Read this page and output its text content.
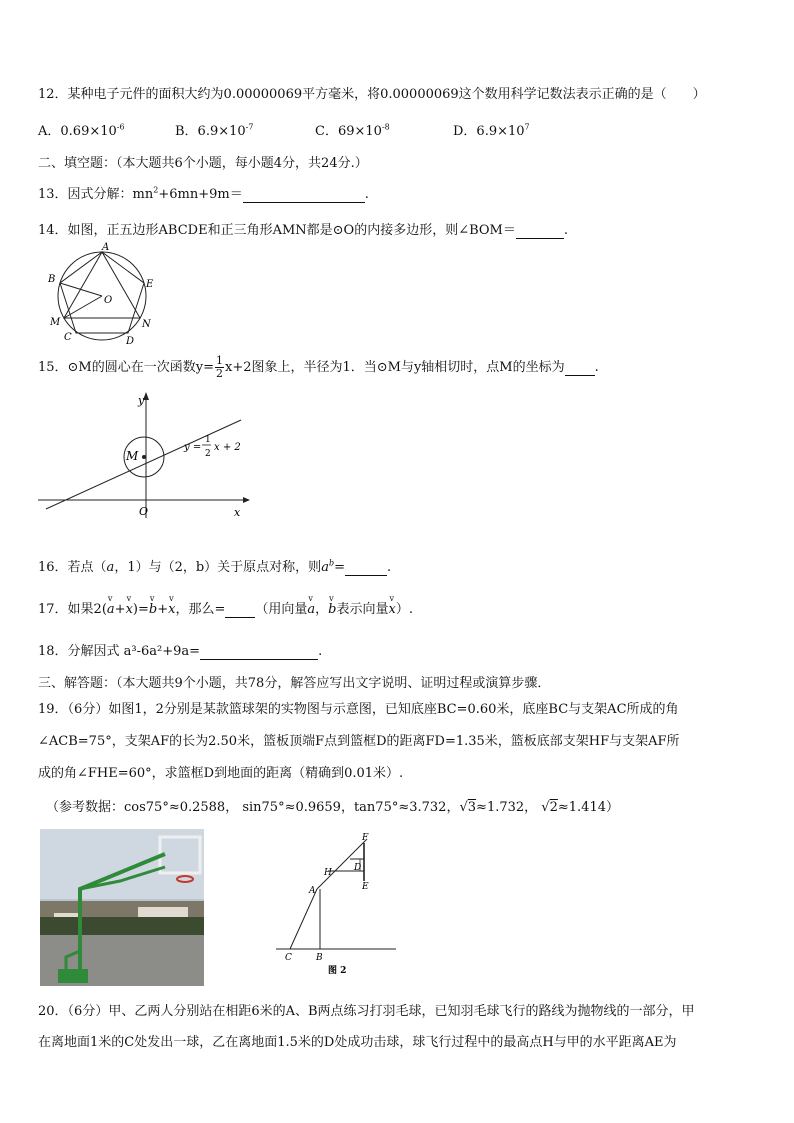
12．某种电子元件的面积大约为0.00000069平方毫米，将0.00000069这个数用科学记数法表示正确的是（　　）
A．$0.69\times 10^{-6}$	B．$6.9\times 10^{-7}$	C．$69\times 10^{-8}$	D．$6.9\times 10^7$
二、填空题：（本大题共6个小题，每小题4分，共24分.）
13．因式分解：$mn^2+6mn+9m=$	.
14．如图，正五边形ABCDE和正三角形AMN都是⊙O的内接多边形，则∠BOM＝	.
A
B	E
O
M	N
C	D
15．⊙M的圆心在一次函数$y= \frac{1}{2} x+2$图象上，半径为1．当⊙M与y轴相切时，点M的坐标为 .
y
x
O
M
y =
1
2
x + 2
16．若点（a，1）与（2，b）关于原点对称，则$a^b=$	.
17．如果2(
v
a+
v
x)=
v
b+
v
x，那么= （用向量
v
a，
v
b表示向量
v
x）.
18．分解因式 a³-6a²+9a=	.
三、解答题：（本大题共9个小题，共78分，解答应写出文字说明、证明过程或演算步骤．
19．（6分）如图1，2分别是某款篮球架的实物图与示意图，已知底座BC=0.60米，底座BC与支架AC所成的角
∠ACB=75°，支架AF的长为2.50米，篮板顶端F点到篮框D的距离FD=1.35米，篮板底部支架HF与支架AF所
成的角∠FHE=60°，求篮框D到地面的距离（精确到0.01米）.
（参考数据：cos75°≈0.2588， sin75°≈0.9659，tan75°≈3.732，√3≈1.732， √2≈1.414）
F
H D
E
A
C	B
图 2
20．（6分）甲、乙两人分别站在相距6米的A、B两点练习打羽毛球，已知羽毛球飞行的路线为抛物线的一部分，甲
在离地面1米的C处发出一球，乙在离地面1.5米的D处成功击球，球飞行过程中的最高点H与甲的水平距离AE为
